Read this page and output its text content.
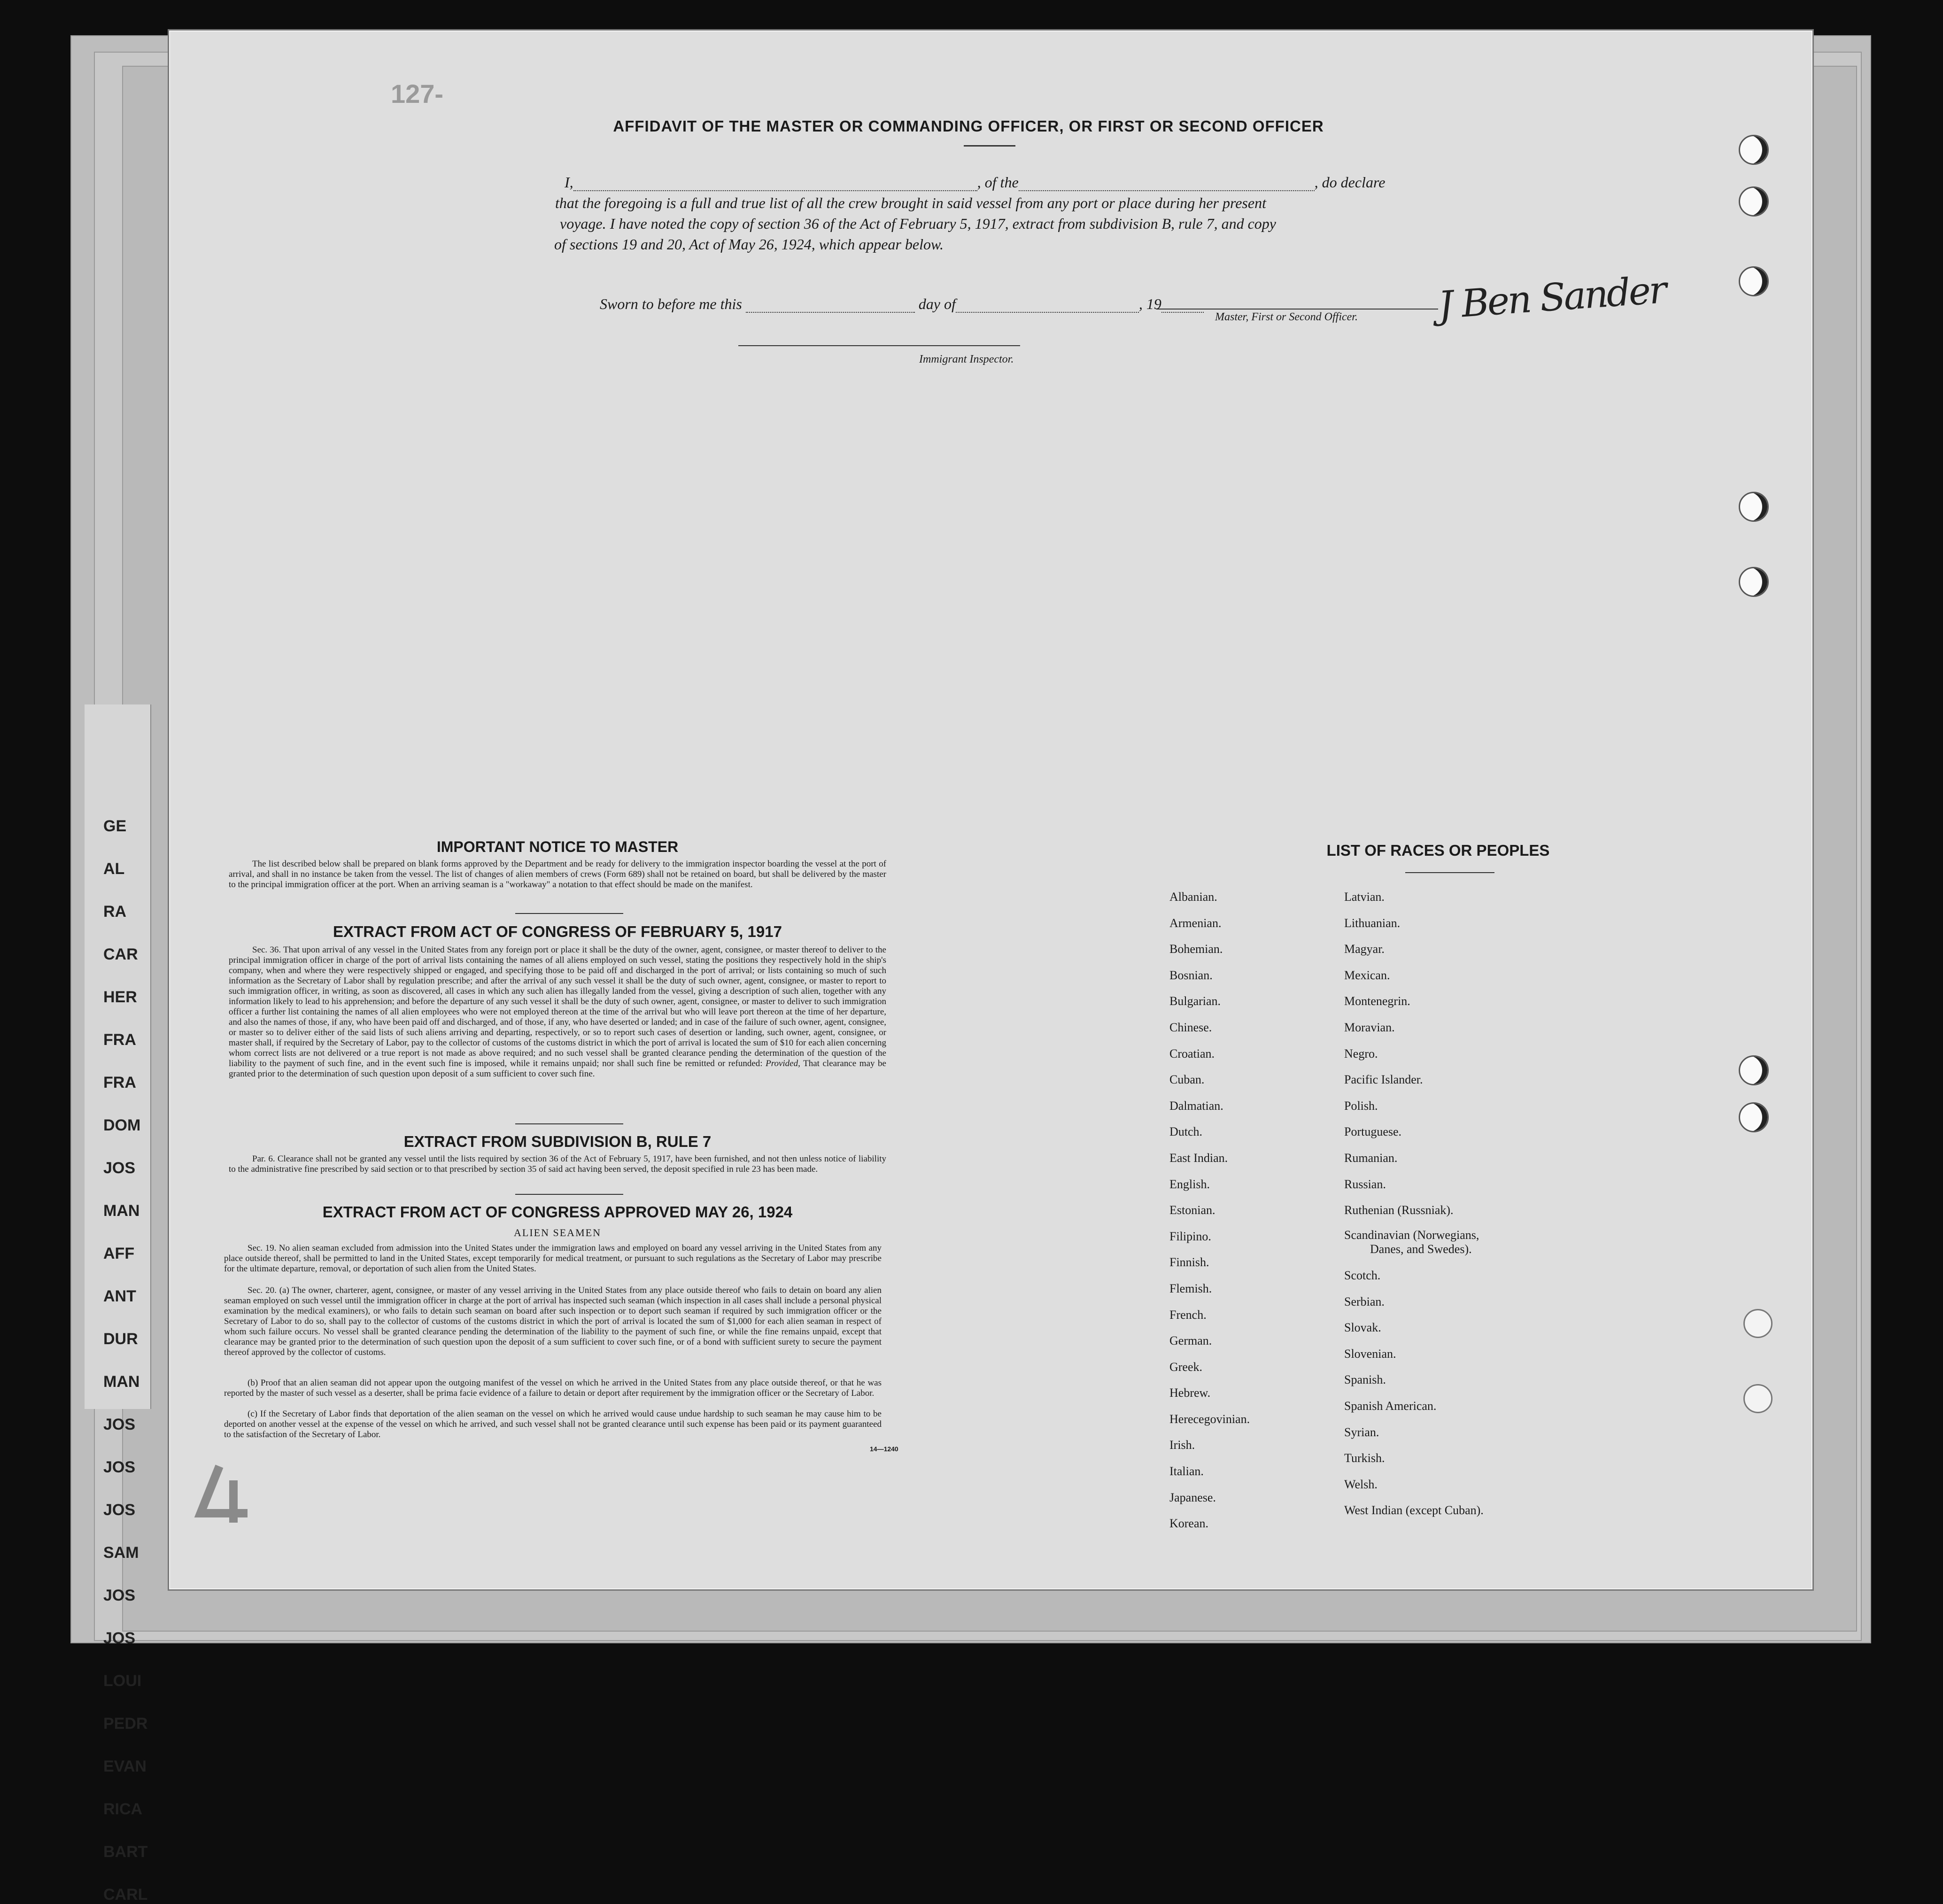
GE
AL
RA
CAR
HER
FRA
FRA
DOM
JOS
MAN
AFF
ANT
DUR
MAN
JOS
JOS
JOS
SAM
JOS
JOS
LOUI
PEDR
EVAN
RICA
BART
CARL
127-
AFFIDAVIT OF THE MASTER OR COMMANDING OFFICER, OR FIRST OR SECOND OFFICER
I,	, of the	, do declare

that the foregoing is a full and true list of all the crew brought in said vessel from any port or place during her present

voyage. I have noted the copy of section 36 of the Act of February 5, 1917, extract from subdivision B, rule 7, and copy

of sections 19 and 20, Act of May 26, 1924, which appear below.

J Ben Sander
Master, First or Second Officer.
Sworn to before me this	day of	, 19
Immigrant Inspector.
IMPORTANT NOTICE TO MASTER

The list described below shall be prepared on blank forms approved by the Department and be ready for delivery to the immigration inspector boarding the vessel at the port of arrival, and shall in no instance be taken from the vessel. The list of changes of alien members of crews (Form 689) shall not be retained on board, but shall be delivered by the master to the principal immigration officer at the port. When an arriving seaman is a "workaway" a notation to that effect should be made on the manifest.

EXTRACT FROM ACT OF CONGRESS OF FEBRUARY 5, 1917

Sec. 36. That upon arrival of any vessel in the United States from any foreign port or place it shall be the duty of the owner, agent, consignee, or master thereof to deliver to the principal immigration officer in charge of the port of arrival lists containing the names of all aliens employed on such vessel, stating the positions they respectively hold in the ship's company, when and where they were respectively shipped or engaged, and specifying those to be paid off and discharged in the port of arrival; or lists containing so much of such information as the Secretary of Labor shall by regulation prescribe; and after the arrival of any such vessel it shall be the duty of such owner, agent, consignee, or master to report to such immigration officer, in writing, as soon as discovered, all cases in which any such alien has illegally landed from the vessel, giving a description of such alien, together with any information likely to lead to his apprehension; and before the departure of any such vessel it shall be the duty of such owner, agent, consignee, or master to deliver to such immigration officer a further list containing the names of all alien employees who were not employed thereon at the time of the arrival but who will leave port thereon at the time of her departure, and also the names of those, if any, who have been paid off and discharged, and of those, if any, who have deserted or landed; and in case of the failure of such owner, agent, consignee, or master so to deliver either of the said lists of such aliens arriving and departing, respectively, or so to report such cases of desertion or landing, such owner, agent, consignee, or master shall, if required by the Secretary of Labor, pay to the collector of customs of the customs district in which the port of arrival is located the sum of $10 for each alien concerning whom correct lists are not delivered or a true report is not made as above required; and no such vessel shall be granted clearance pending the determination of the question of the liability to the payment of such fine, and in the event such fine is imposed, while it remains unpaid; nor shall such fine be remitted or refunded: Provided, That clearance may be granted prior to the determination of such question upon deposit of a sum sufficient to cover such fine.

EXTRACT FROM SUBDIVISION B, RULE 7

Par. 6. Clearance shall not be granted any vessel until the lists required by section 36 of the Act of February 5, 1917, have been furnished, and not then unless notice of liability to the administrative fine prescribed by said section or to that prescribed by section 35 of said act having been served, the deposit specified in rule 23 has been made.

EXTRACT FROM ACT OF CONGRESS APPROVED MAY 26, 1924
ALIEN SEAMEN

Sec. 19. No alien seaman excluded from admission into the United States under the immigration laws and employed on board any vessel arriving in the United States from any place outside thereof, shall be permitted to land in the United States, except temporarily for medical treatment, or pursuant to such regulations as the Secretary of Labor may prescribe for the ultimate departure, removal, or deportation of such alien from the United States.

Sec. 20. (a) The owner, charterer, agent, consignee, or master of any vessel arriving in the United States from any place outside thereof who fails to detain on board any alien seaman employed on such vessel until the immigration officer in charge at the port of arrival has inspected such seaman (which inspection in all cases shall include a personal physical examination by the medical examiners), or who fails to detain such seaman on board after such inspection or to deport such seaman if required by such immigration officer or the Secretary of Labor to do so, shall pay to the collector of customs of the customs district in which the port of arrival is located the sum of $1,000 for each alien seaman in respect of whom such failure occurs. No vessel shall be granted clearance pending the determination of the liability to the payment of such fine, or while the fine remains unpaid, except that clearance may be granted prior to the determination of such question upon the deposit of a sum sufficient to cover such fine, or of a bond with sufficient surety to secure the payment thereof approved by the collector of customs.

(b) Proof that an alien seaman did not appear upon the outgoing manifest of the vessel on which he arrived in the United States from any place outside thereof, or that he was reported by the master of such vessel as a deserter, shall be prima facie evidence of a failure to detain or deport after requirement by the immigration officer or the Secretary of Labor.

(c) If the Secretary of Labor finds that deportation of the alien seaman on the vessel on which he arrived would cause undue hardship to such seaman he may cause him to be deported on another vessel at the expense of the vessel on which he arrived, and such vessel shall not be granted clearance until such expense has been paid or its payment guaranteed to the satisfaction of the Secretary of Labor.

14—1240
LIST OF RACES OR PEOPLES
Albanian.
Armenian.
Bohemian.
Bosnian.
Bulgarian.
Chinese.
Croatian.
Cuban.
Dalmatian.
Dutch.
East Indian.
English.
Estonian.
Filipino.
Finnish.
Flemish.
French.
German.
Greek.
Hebrew.
Herecegovinian.
Irish.
Italian.
Japanese.
Korean.
Latvian.
Lithuanian.
Magyar.
Mexican.
Montenegrin.
Moravian.
Negro.
Pacific Islander.
Polish.
Portuguese.
Rumanian.
Russian.
Ruthenian (Russniak).
Scandinavian (Norwegians,
Danes, and Swedes).
Scotch.
Serbian.
Slovak.
Slovenian.
Spanish.
Spanish American.
Syrian.
Turkish.
Welsh.
West Indian (except Cuban).
